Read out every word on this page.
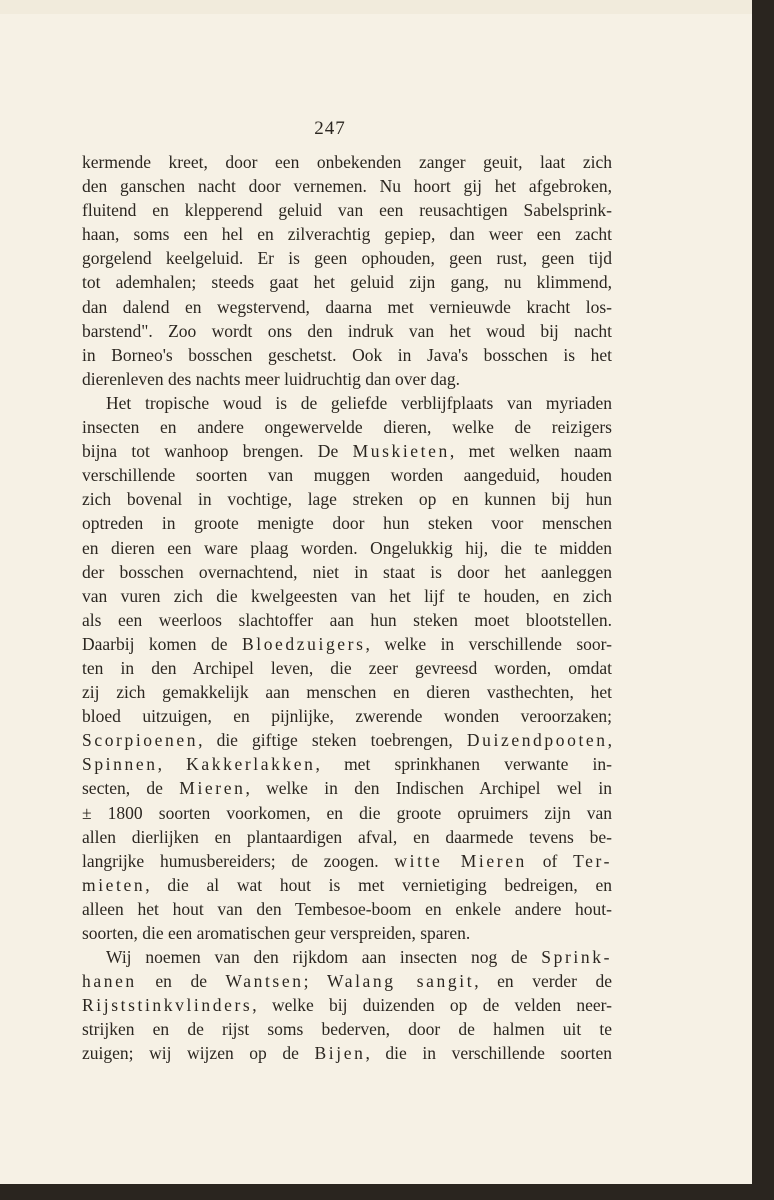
247
kermende kreet, door een onbekenden zanger geuit, laat zich
den ganschen nacht door vernemen. Nu hoort gij het afgebroken,
fluitend en klepperend geluid van een reusachtigen Sabelsprink-
haan, soms een hel en zilverachtig gepiep, dan weer een zacht
gorgelend keelgeluid. Er is geen ophouden, geen rust, geen tijd
tot ademhalen; steeds gaat het geluid zijn gang, nu klimmend,
dan dalend en wegstervend, daarna met vernieuwde kracht los-
barstend". Zoo wordt ons den indruk van het woud bij nacht
in Borneo's bosschen geschetst. Ook in Java's bosschen is het
dierenleven des nachts meer luidruchtig dan over dag.
Het tropische woud is de geliefde verblijfplaats van myriaden
insecten en andere ongewervelde dieren, welke de reizigers
bijna tot wanhoop brengen. De Muskieten, met welken naam
verschillende soorten van muggen worden aangeduid, houden
zich bovenal in vochtige, lage streken op en kunnen bij hun
optreden in groote menigte door hun steken voor menschen
en dieren een ware plaag worden. Ongelukkig hij, die te midden
der bosschen overnachtend, niet in staat is door het aanleggen
van vuren zich die kwelgeesten van het lijf te houden, en zich
als een weerloos slachtoffer aan hun steken moet blootstellen.
Daarbij komen de Bloedzuigers, welke in verschillende soor-
ten in den Archipel leven, die zeer gevreesd worden, omdat
zij zich gemakkelijk aan menschen en dieren vasthechten, het
bloed uitzuigen, en pijnlijke, zwerende wonden veroorzaken;
Scorpioenen, die giftige steken toebrengen, Duizendpooten,
Spinnen, Kakkerlakken, met sprinkhanen verwante in-
secten, de Mieren, welke in den Indischen Archipel wel in
± 1800 soorten voorkomen, en die groote opruimers zijn van
allen dierlijken en plantaardigen afval, en daarmede tevens be-
langrijke humusbereiders; de zoogen. witte Mieren of Ter-
mieten, die al wat hout is met vernietiging bedreigen, en
alleen het hout van den Tembesoe-boom en enkele andere hout-
soorten, die een aromatischen geur verspreiden, sparen.
Wij noemen van den rijkdom aan insecten nog de Sprink-
hanen en de Wantsen; Walang sangit, en verder de
Rijststinkvlinders, welke bij duizenden op de velden neer-
strijken en de rijst soms bederven, door de halmen uit te
zuigen; wij wijzen op de Bijen, die in verschillende soorten
